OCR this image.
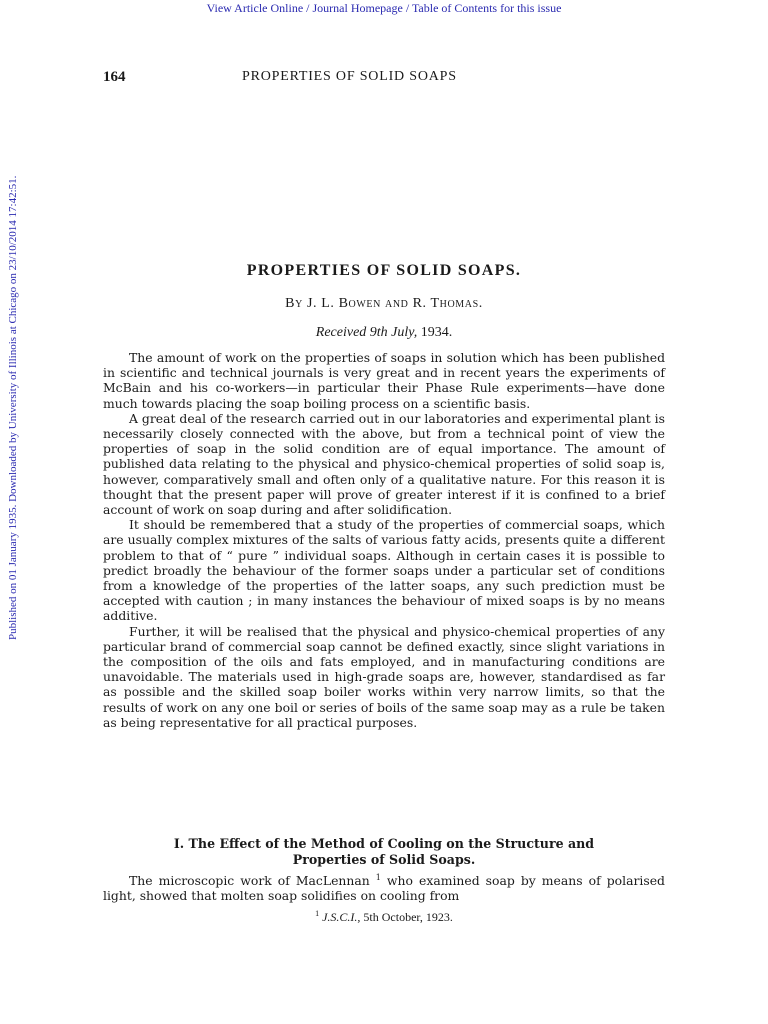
View Article Online / Journal Homepage / Table of Contents for this issue
Published on 01 January 1935. Downloaded by University of Illinois at Chicago on 23/10/2014 17:42:51.
164	PROPERTIES OF SOLID SOAPS
PROPERTIES OF SOLID SOAPS.
By J. L. Bowen and R. Thomas.
Received 9th July, 1934.

The amount of work on the properties of soaps in solution which has been published in scientific and technical journals is very great and in recent years the experiments of McBain and his co-workers—in particular their Phase Rule experiments—have done much towards placing the soap boiling process on a scientific basis.

A great deal of the research carried out in our laboratories and experimental plant is necessarily closely connected with the above, but from a technical point of view the properties of soap in the solid condition are of equal importance. The amount of published data relating to the physical and physico-chemical properties of solid soap is, however, comparatively small and often only of a qualitative nature. For this reason it is thought that the present paper will prove of greater interest if it is confined to a brief account of work on soap during and after solidification.

It should be remembered that a study of the properties of commercial soaps, which are usually complex mixtures of the salts of various fatty acids, presents quite a different problem to that of “ pure ” individual soaps. Although in certain cases it is possible to predict broadly the behaviour of the former soaps under a particular set of conditions from a knowledge of the properties of the latter soaps, any such prediction must be accepted with caution ; in many instances the behaviour of mixed soaps is by no means additive.

Further, it will be realised that the physical and physico-chemical properties of any particular brand of commercial soap cannot be defined exactly, since slight variations in the composition of the oils and fats employed, and in manufacturing conditions are unavoidable. The materials used in high-grade soaps are, however, standardised as far as possible and the skilled soap boiler works within very narrow limits, so that the results of work on any one boil or series of boils of the same soap may as a rule be taken as being representative for all practical purposes.

I. The Effect of the Method of Cooling on the Structure and
Properties of Solid Soaps.

The microscopic work of MacLennan $^1$ who examined soap by means of polarised light, showed that molten soap solidifies on cooling from

$^1$ J.S.C.I., 5th October, 1923.
